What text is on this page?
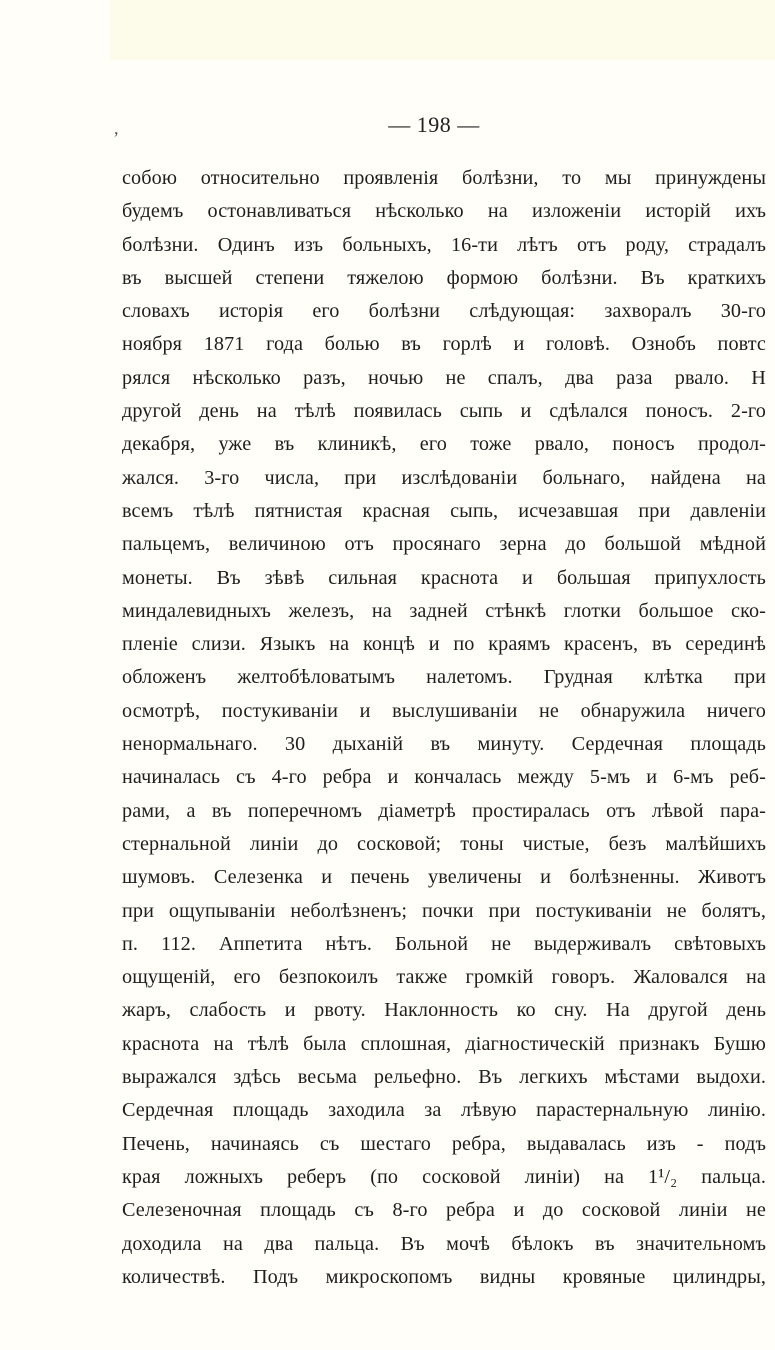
,	— 198 —
собою относительно проявленія болѣзни, то мы принуждены
будемъ остонавливаться нѣсколько на изложеніи исторій ихъ
болѣзни. Одинъ изъ больныхъ, 16-ти лѣтъ отъ роду, страдалъ
въ высшей степени тяжелою формою болѣзни. Въ краткихъ
словахъ исторія его болѣзни слѣдующая: захворалъ 30-го
ноября 1871 года болью въ горлѣ и головѣ. Ознобъ повтс
рялся нѣсколько разъ, ночью не спалъ, два раза рвало. Н
другой день на тѣлѣ появилась сыпь и сдѣлался поносъ. 2-го
декабря, уже въ клиникѣ, его тоже рвало, поносъ продол-
жался. 3-го числа, при изслѣдованіи больнаго, найдена на
всемъ тѣлѣ пятнистая красная сыпь, исчезавшая при давленіи
пальцемъ, величиною отъ просянаго зерна до большой мѣдной
монеты. Въ зѣвѣ сильная краснота и большая припухлость
миндалевидныхъ железъ, на задней стѣнкѣ глотки большое ско-
пленіе слизи. Языкъ на концѣ и по краямъ красенъ, въ серединѣ
обложенъ желтобѣловатымъ налетомъ. Грудная клѣтка при
осмотрѣ, постукиваніи и выслушиваніи не обнаружила ничего
ненормальнаго. 30 дыханій въ минуту. Сердечная площадь
начиналась съ 4-го ребра и кончалась между 5-мъ и 6-мъ реб-
рами, а въ поперечномъ діаметрѣ простиралась отъ лѣвой пара-
стернальной линіи до сосковой; тоны чистые, безъ малѣйшихъ
шумовъ. Селезенка и печень увеличены и болѣзненны. Животъ
при ощупываніи неболѣзненъ; почки при постукиваніи не болятъ,
п. 112. Аппетита нѣтъ. Больной не выдерживалъ свѣтовыхъ
ощущеній, его безпокоилъ также громкій говоръ. Жаловался на
жаръ, слабость и рвоту. Наклонность ко сну. На другой день
краснота на тѣлѣ была сплошная, діагностическій признакъ Бушю
выражался здѣсь весьма рельефно. Въ легкихъ мѣстами выдохи.
Сердечная площадь заходила за лѣвую парастернальную линію.
Печень, начинаясь съ шестаго ребра, выдавалась изъ - подъ
края ложныхъ реберъ (по сосковой линіи) на 1¹/₂ пальца.
Селезеночная площадь съ 8-го ребра и до сосковой линіи не
доходила на два пальца. Въ мочѣ бѣлокъ въ значительномъ
количествѣ. Подъ микроскопомъ видны кровяные цилиндры,
